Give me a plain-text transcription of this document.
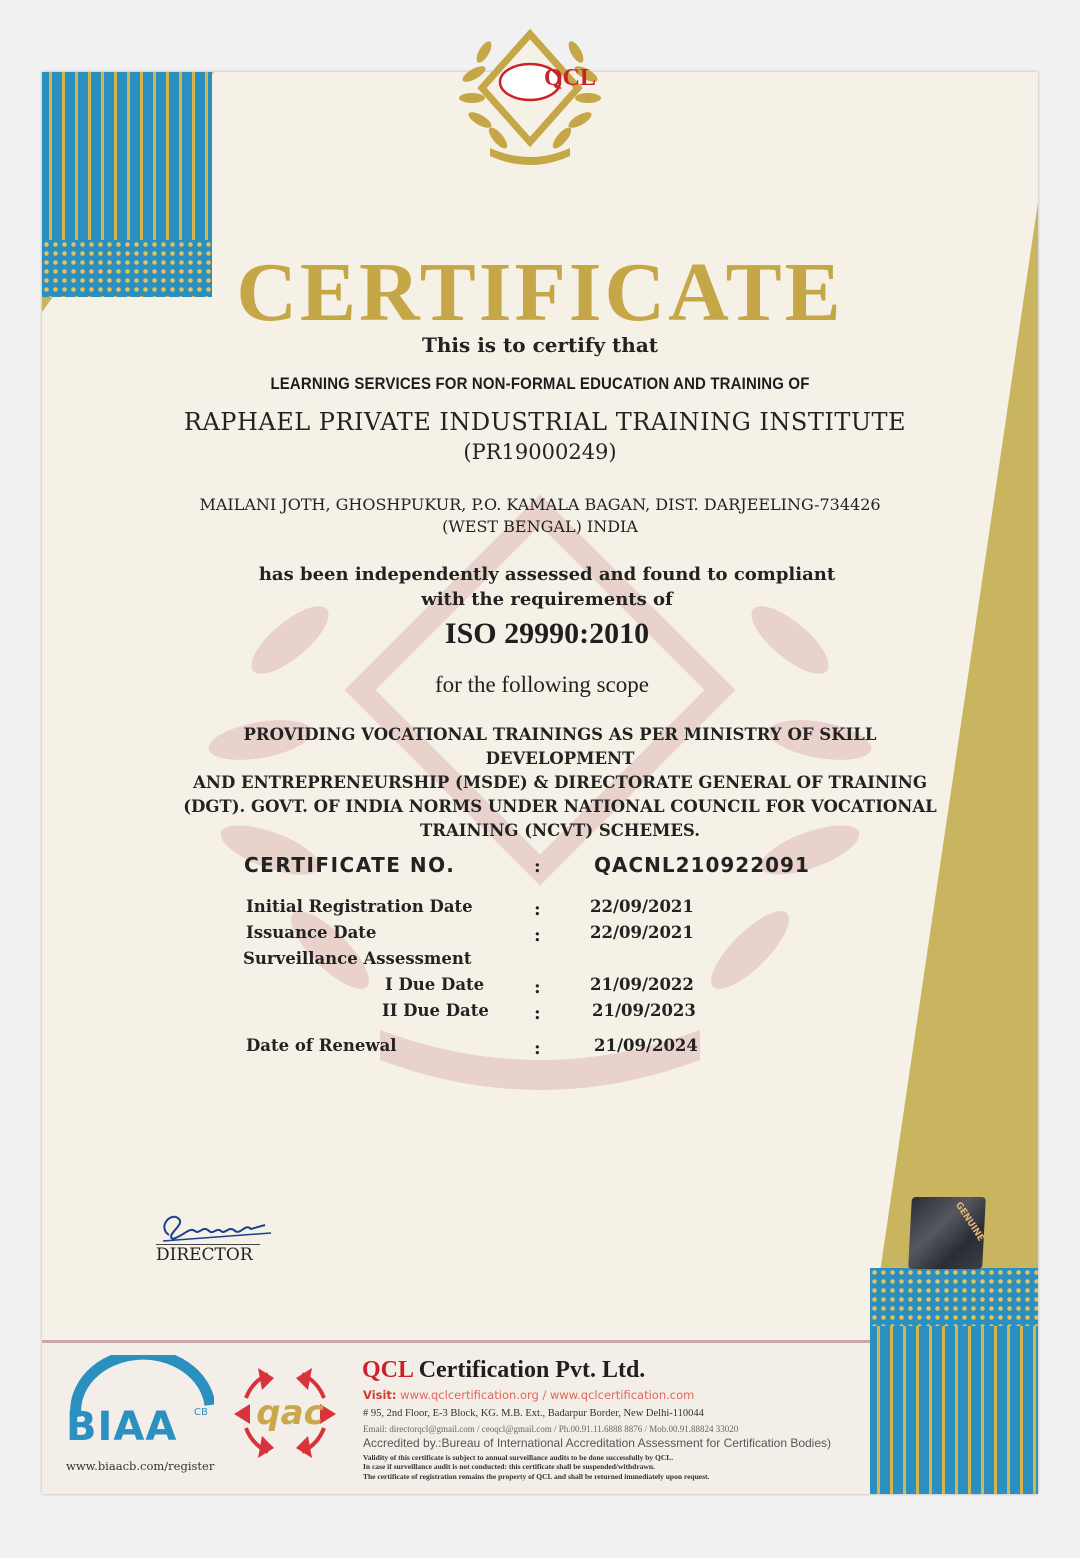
QCL
CERTIFICATE
This is to certify that
LEARNING SERVICES FOR NON-FORMAL EDUCATION AND TRAINING OF
RAPHAEL PRIVATE INDUSTRIAL TRAINING INSTITUTE
(PR19000249)
MAILANI JOTH, GHOSHPUKUR, P.O. KAMALA BAGAN, DIST. DARJEELING-734426
(WEST BENGAL) INDIA
has been independently assessed and found to compliant
with the requirements of
ISO 29990:2010
for the following scope
PROVIDING VOCATIONAL TRAININGS AS PER MINISTRY OF SKILL DEVELOPMENT
AND ENTREPRENEURSHIP (MSDE) & DIRECTORATE GENERAL OF TRAINING
(DGT). GOVT. OF INDIA NORMS UNDER NATIONAL COUNCIL FOR VOCATIONAL
TRAINING (NCVT) SCHEMES.
CERTIFICATE NO.	:	QACNL210922091
Initial Registration Date	:	22/09/2021
Issuance Date	:	22/09/2021
Surveillance Assessment
I Due Date	:	21/09/2022
II Due Date	:	21/09/2023
Date of Renewal	:	21/09/2024
DIRECTOR
GENUINE
BIAA CB
www.biaacb.com/register
qac
QCL Certification Pvt. Ltd.
Visit: www.qclcertification.org / www.qclcertification.com
# 95, 2nd Floor, E-3 Block, KG. M.B. Ext., Badarpur Border, New Delhi-110044
Email: directorqcl@gmail.com / ceoqcl@gmail.com / Ph.00.91.11.6888 8876 / Mob.00.91.88824 33020
Accredited by.:Bureau of International Accreditation Assessment for Certification Bodies)
Validity of this certificate is subject to annual surveillance audits to be done successfully by QCL.
In case if surveillance audit is not conducted: this certificate shall be suspended/withdrawn.
The certificate of registration remains the property of QCL and shall be returned immediately upon request.
